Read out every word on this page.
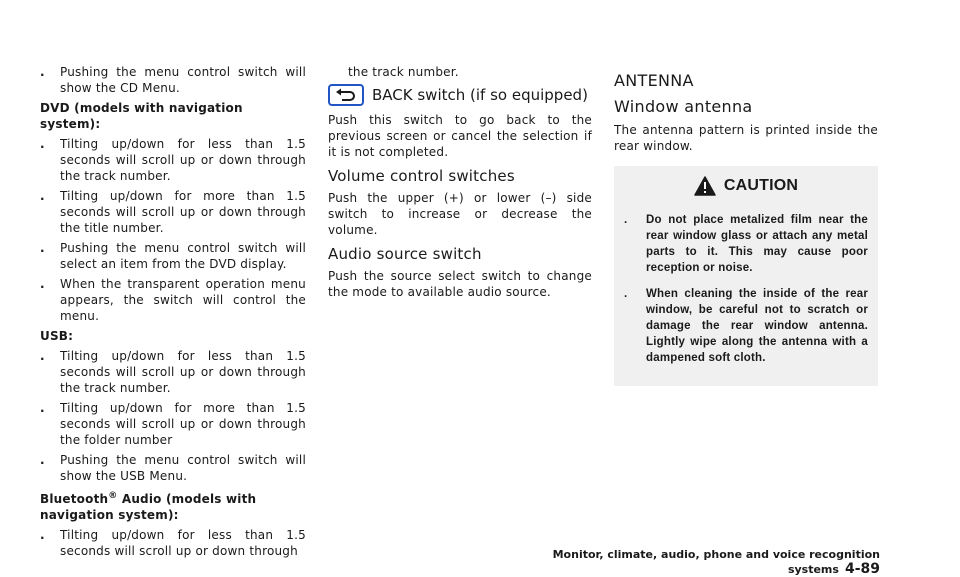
. Pushing the menu control switch will show the CD Menu.

DVD (models with navigation system):

. Tilting up/down for less than 1.5 seconds will scroll up or down through the track number.
. Tilting up/down for more than 1.5 seconds will scroll up or down through the title number.
. Pushing the menu control switch will select an item from the DVD display.
. When the transparent operation menu appears, the switch will control the menu.

USB:

. Tilting up/down for less than 1.5 seconds will scroll up or down through the track number.
. Tilting up/down for more than 1.5 seconds will scroll up or down through the folder number
. Pushing the menu control switch will show the USB Menu.

Bluetooth® Audio (models with navigation system):

. Tilting up/down for less than 1.5 seconds will scroll up or down through

the track number.

BACK switch (if so equipped)

Push this switch to go back to the previous screen or cancel the selection if it is not completed.

Volume control switches

Push the upper (+) or lower (–) side switch to increase or decrease the volume.

Audio source switch

Push the source select switch to change the mode to available audio source.

ANTENNA

Window antenna

The antenna pattern is printed inside the rear window.

CAUTION
. Do not place metalized film near the rear window glass or attach any metal parts to it. This may cause poor reception or noise.
. When cleaning the inside of the rear window, be careful not to scratch or damage the rear window antenna. Lightly wipe along the antenna with a dampened soft cloth.
Monitor, climate, audio, phone and voice recognition systems 4-89
